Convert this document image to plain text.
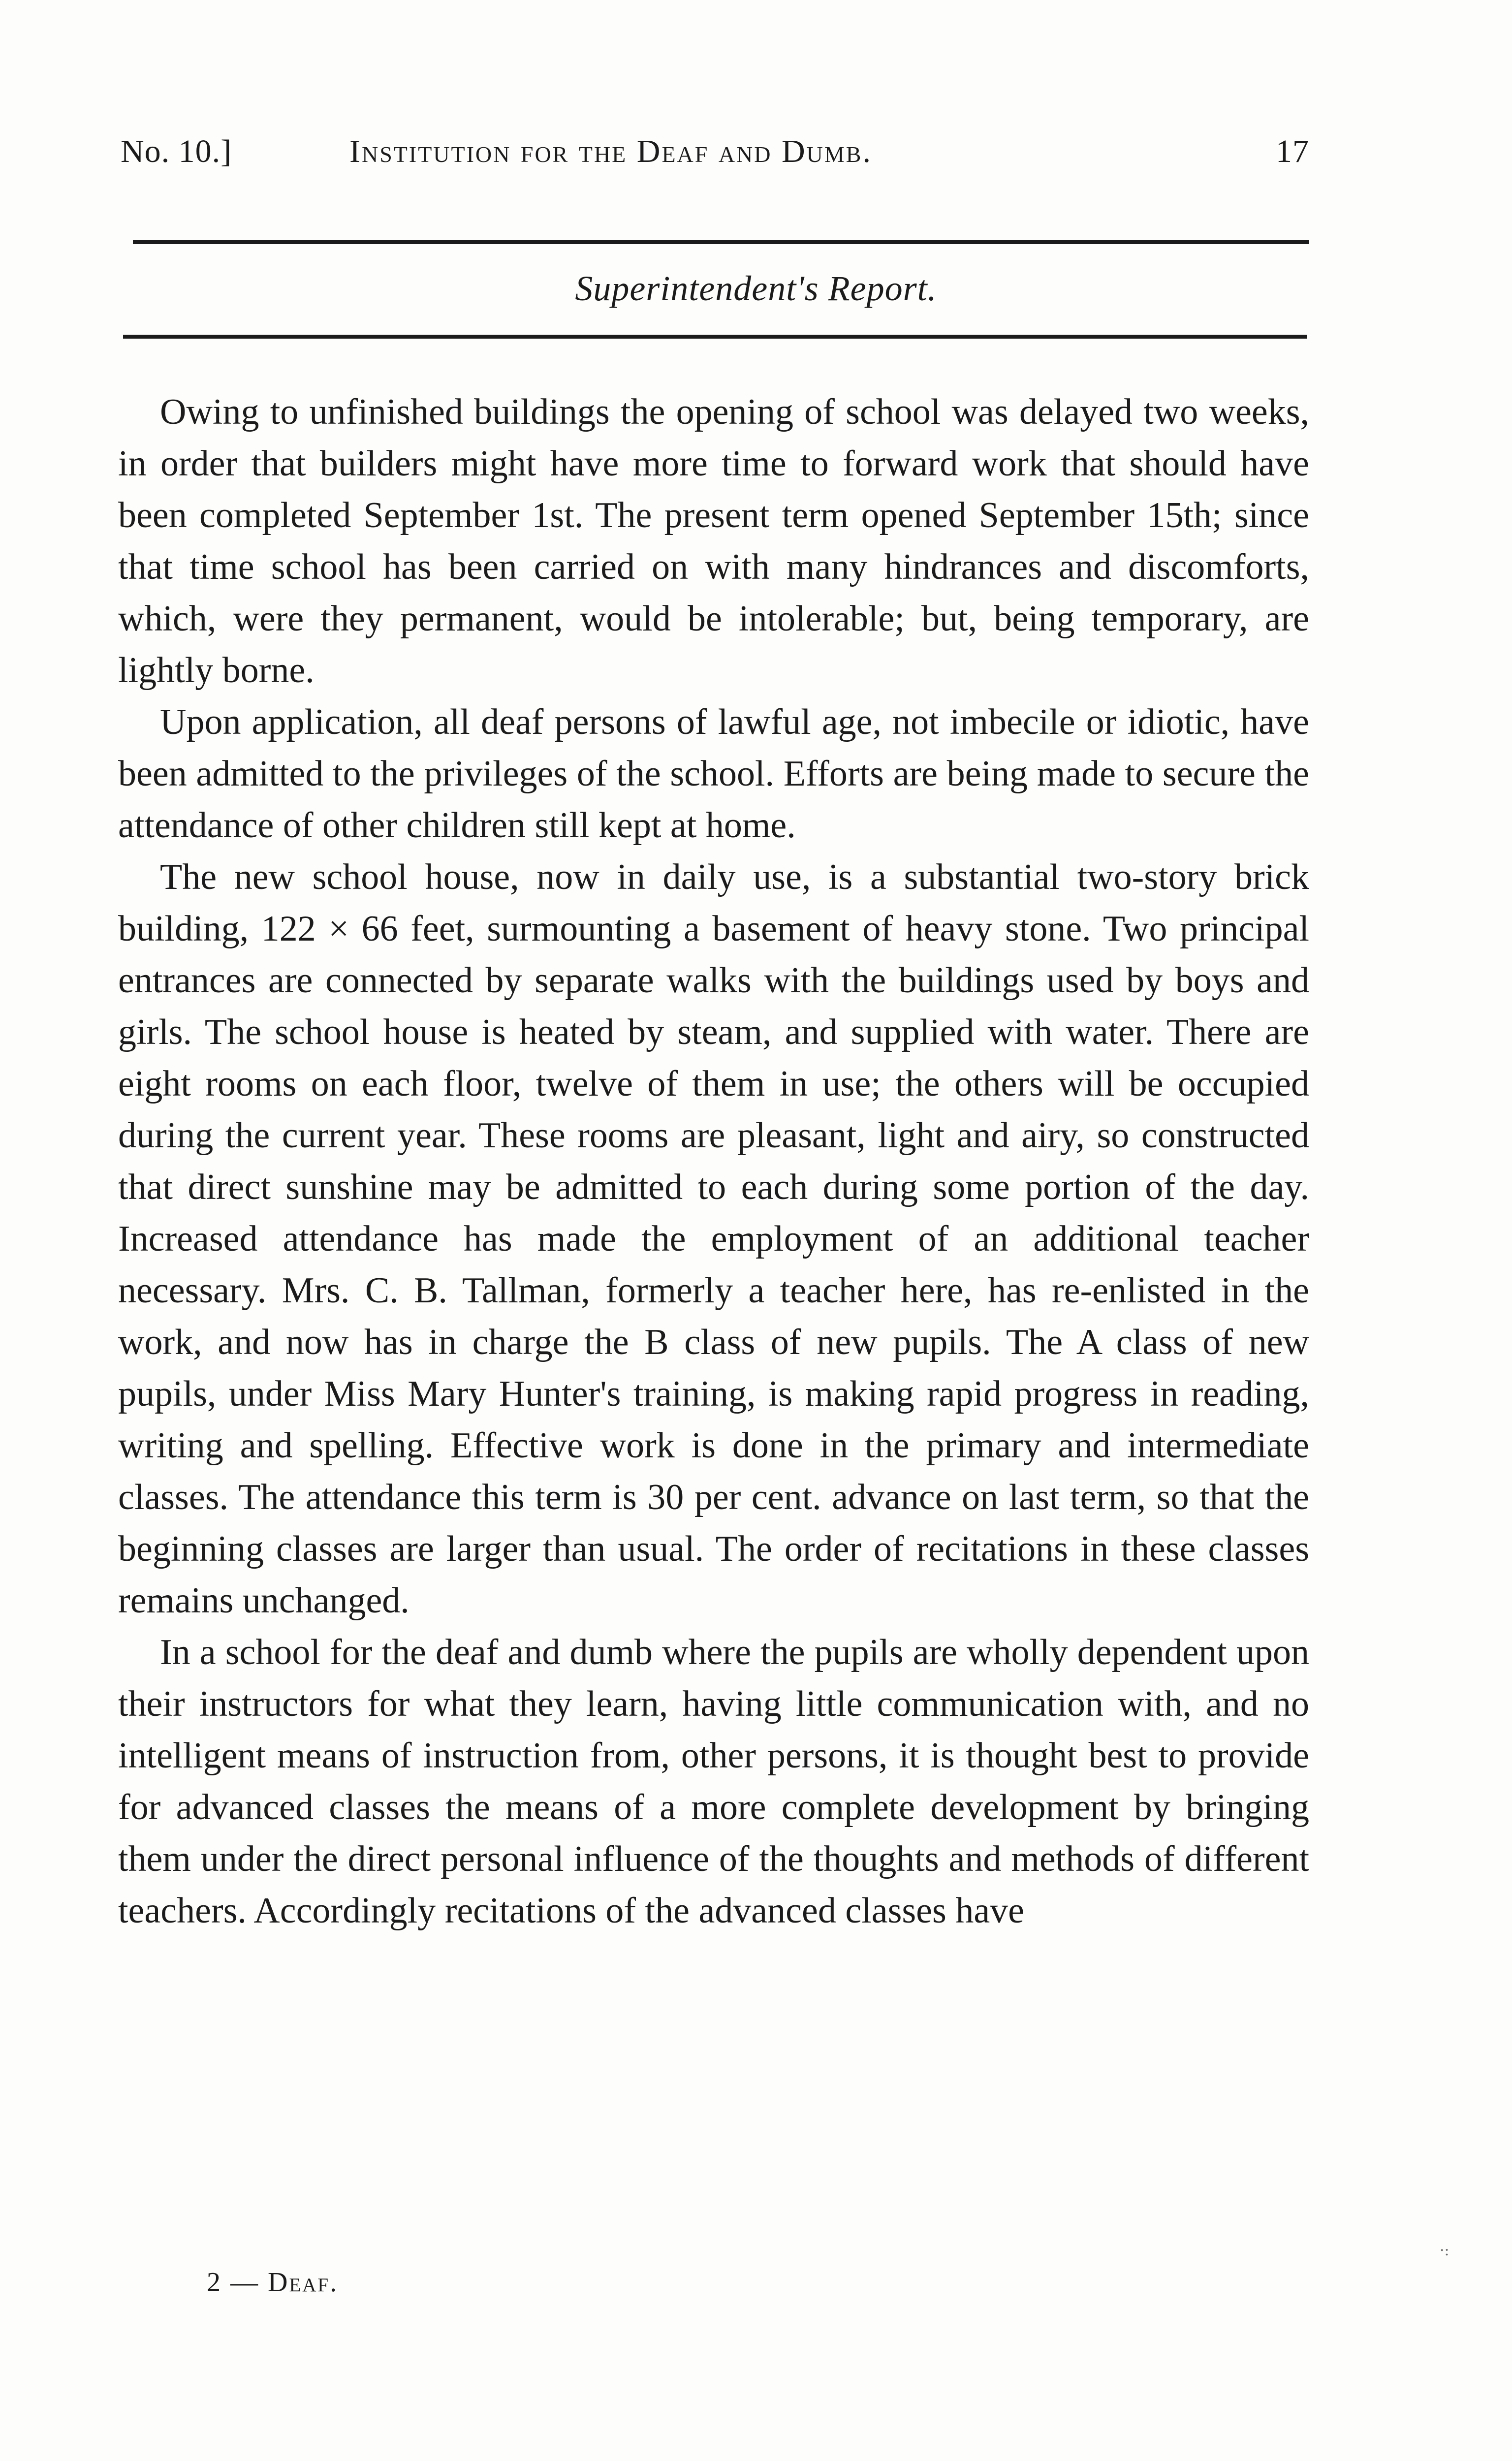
No. 10.]	Institution for the Deaf and Dumb.	17
Superintendent's Report.

Owing to unfinished buildings the opening of school was delayed two weeks, in order that builders might have more time to forward work that should have been completed September 1st. The present term opened September 15th; since that time school has been carried on with many hindrances and discomforts, which, were they permanent, would be intolerable; but, being temporary, are lightly borne.

Upon application, all deaf persons of lawful age, not imbecile or idiotic, have been admitted to the privileges of the school. Efforts are being made to secure the attendance of other children still kept at home.

The new school house, now in daily use, is a substantial two-story brick building, 122 × 66 feet, surmounting a basement of heavy stone. Two principal entrances are connected by separate walks with the buildings used by boys and girls. The school house is heated by steam, and supplied with water. There are eight rooms on each floor, twelve of them in use; the others will be occupied during the current year. These rooms are pleasant, light and airy, so constructed that direct sunshine may be admitted to each during some portion of the day. Increased attendance has made the employment of an additional teacher necessary. Mrs. C. B. Tallman, formerly a teacher here, has re-enlisted in the work, and now has in charge the B class of new pupils. The A class of new pupils, under Miss Mary Hunter's training, is making rapid progress in reading, writing and spelling. Effective work is done in the primary and intermediate classes. The attendance this term is 30 per cent. advance on last term, so that the beginning classes are larger than usual. The order of recitations in these classes remains unchanged.

In a school for the deaf and dumb where the pupils are wholly dependent upon their instructors for what they learn, having little communication with, and no intelligent means of instruction from, other persons, it is thought best to provide for advanced classes the means of a more complete development by bringing them under the direct personal influence of the thoughts and methods of different teachers. Accordingly recitations of the advanced classes have

2 — Deaf.
·:
